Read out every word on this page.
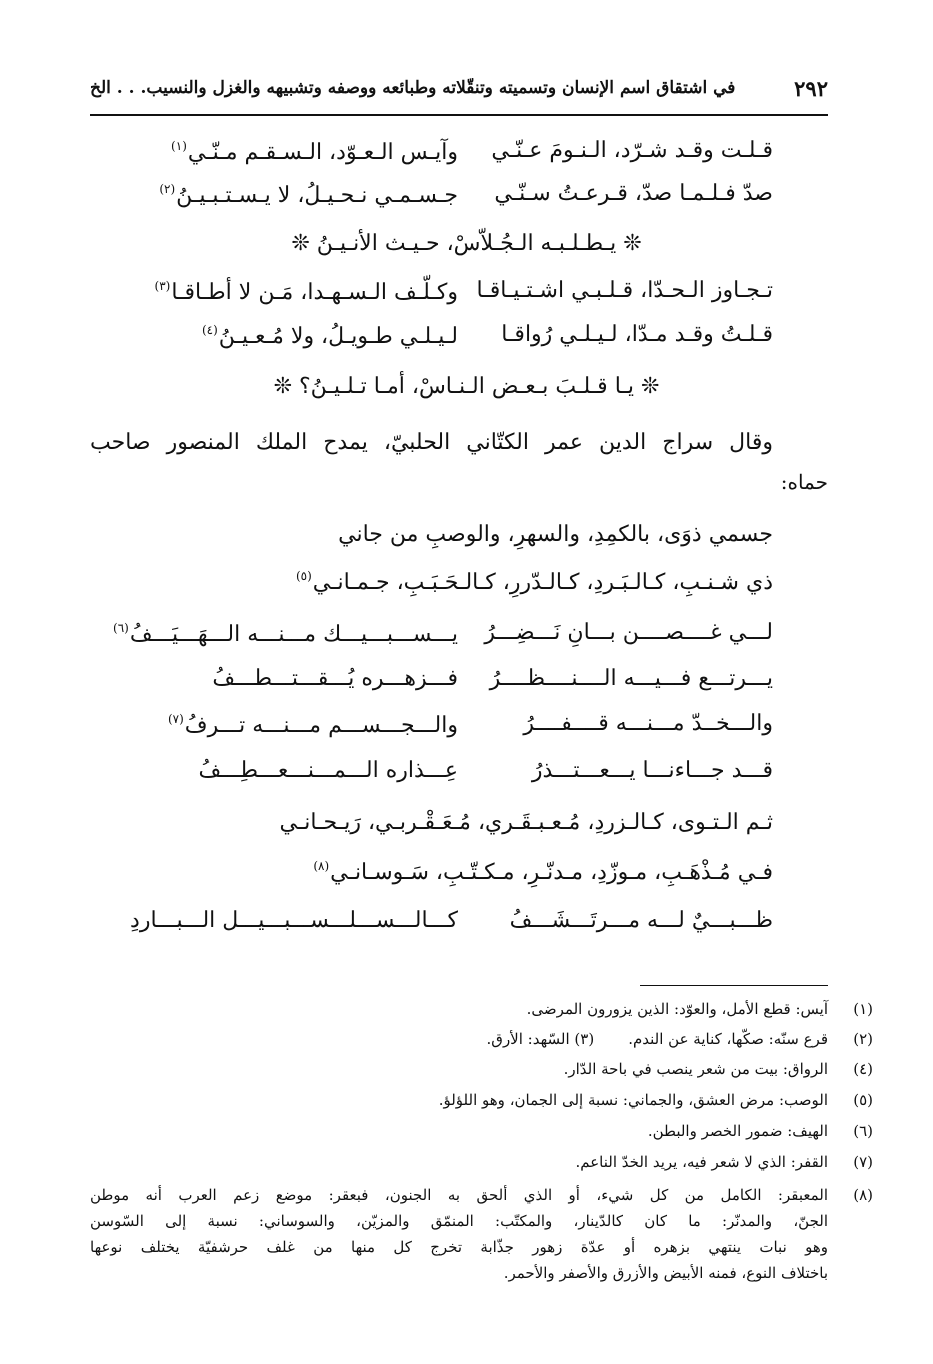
٢٩٢
في اشتقاق اسم الإنسان وتسميته وتنقّلاته وطبائعه ووصفه وتشبيهه والغزل والنسيب. . . الخ
قـلـت وقـد شـرّد، الـنـومَ عـنّـي
وآيـس الـعـوّد، الـسـقـم مـنّـي$^{(١)}$
صدّ فـلـمـا صدّ، قـرعـتُ سـنّـي
جـسـمـي نـحـيـلُ، لا يـسـتـبـيـنُ$^{(٢)}$
❊ يـطـلـبـه الـجُـلاّسْ، حـيـث الأنـيـنُ ❊
تـجـاوز الـحـدّا، قـلـبـي اشـتـيـاقـا
وكـلّـف الـسـهـدا، مَـن لا أطـاقـا$^{(٣)}$
قـلـتُ وقـد مـدّا، لـيـلـي رُواقـا
لـيـلـي طـويـلُ، ولا مُـعـيـنُ$^{(٤)}$
❊ يـا قـلـبَ بـعـض الـنـاسْ، أمـا تـلـيـنُ؟ ❊
وقال سراج الدين عمر الكتّاني الحلبيّ، يمدح الملك المنصور صاحب
حماه:
جسمي ذوَى، بالكمِدِ، والسهرِ، والوصبِ من جاني
ذي شـنـبِ، كـالـبَـردِ، كـالـدّررِ، كـالـحَـبَـبِ، جـمـانـي$^{(٥)}$
لـــي غــــصــــن بـــانِ نَـــضِـــرُ
يـــســـبـــيـــك مـــنـــه الـــهَـــيَـــفُ$^{(٦)}$
يـــرتـــع فـــيـــه الــــنــــظــــرُ
فـــزهـــره يُـــقـــتـــطـــفُ
والـــخــدّ مـــنـــه قــــفــــرُ
والـــجـــســـم مـــنـــه تـــرفُ$^{(٧)}$
قـــد جـــاءنـــا يـــعـــتـــذرُ
عِـــذاره الـــمـــنـــعـــطِـــفُ
ثـم الـتـوى، كـالـزردِ، مُـعـبـقَـري، مُـعَـقْـربـي، رَيـحـانـي
فـي مُـذْهَـبِ، مـوزّدِ، مـدنّـرِ، مـكـتّـبِ، سَـوسـانـي$^{(٨)}$
ظـــبـــيٌ لـــه مـــرتَـــشَـــفُ
كـــالـــســـلـــســـبـــيـــل الـــبـــاردِ
(١)
آيس: قطع الأمل، والعوّد: الذين يزورون المرضى.
(٢)
قرع سنّه: صكّها، كناية عن الندم.(٣) السّهد: الأرق.
(٤)
الرواق: بيت من شعر ينصب في باحة الدّار.
(٥)
الوصب: مرض العشق، والجماني: نسبة إلى الجمان، وهو اللؤلؤ.
(٦)
الهيف: ضمور الخصر والبطن.
(٧)
القفر: الذي لا شعر فيه، يريد الخدّ الناعم.
(٨)
المعبقر: الكامل من كل شيء، أو الذي ألحق به الجنون، فبعقر: موضع زعم العرب أنه موطن
الجنّ، والمدنّر: ما كان كالدّينار، والمكتّب: المنمّق والمزيّن، والسوساني: نسبة إلى السّوسن
وهو نبات ينتهي بزهره أو عدّة زهور جذّابة تخرج كل منها من غلف حرشفيّة يختلف نوعها
باختلاف النوع، فمنه الأبيض والأزرق والأصفر والأحمر.
